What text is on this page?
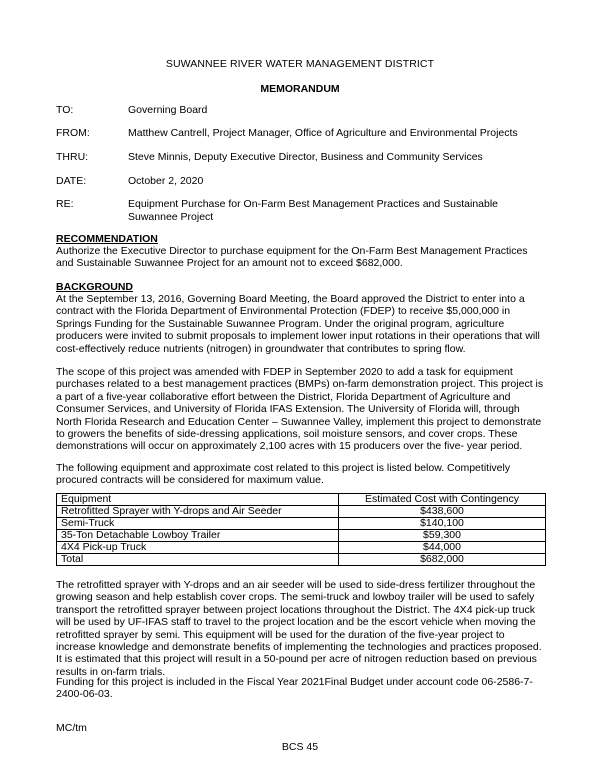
SUWANNEE RIVER WATER MANAGEMENT DISTRICT
MEMORANDUM
TO:	Governing Board
FROM:	Matthew Cantrell, Project Manager, Office of Agriculture and Environmental Projects
THRU:	Steve Minnis, Deputy Executive Director, Business and Community Services
DATE:	October 2, 2020
RE:	Equipment Purchase for On-Farm Best Management Practices and Sustainable Suwannee Project
RECOMMENDATION
Authorize the Executive Director to purchase equipment for the On-Farm Best Management Practices and Sustainable Suwannee Project for an amount not to exceed $682,000.
BACKGROUND
At the September 13, 2016, Governing Board Meeting, the Board approved the District to enter into a contract with the Florida Department of Environmental Protection (FDEP) to receive $5,000,000 in Springs Funding for the Sustainable Suwannee Program. Under the original program, agriculture producers were invited to submit proposals to implement lower input rotations in their operations that will cost-effectively reduce nutrients (nitrogen) in groundwater that contributes to spring flow.
The scope of this project was amended with FDEP in September 2020 to add a task for equipment purchases related to a best management practices (BMPs) on-farm demonstration project. This project is a part of a five-year collaborative effort between the District, Florida Department of Agriculture and Consumer Services, and University of Florida IFAS Extension. The University of Florida will, through North Florida Research and Education Center – Suwannee Valley, implement this project to demonstrate to growers the benefits of side-dressing applications, soil moisture sensors, and cover crops. These demonstrations will occur on approximately 2,100 acres with 15 producers over the five- year period.
The following equipment and approximate cost related to this project is listed below. Competitively procured contracts will be considered for maximum value.
Equipment	Estimated Cost with Contingency
Retrofitted Sprayer with Y-drops and Air Seeder	$438,600
Semi-Truck	$140,100
35-Ton Detachable Lowboy Trailer	$59,300
4X4 Pick-up Truck	$44,000
Total	$682,000
The retrofitted sprayer with Y-drops and an air seeder will be used to side-dress fertilizer throughout the growing season and help establish cover crops. The semi-truck and lowboy trailer will be used to safely transport the retrofitted sprayer between project locations throughout the District. The 4X4 pick-up truck will be used by UF-IFAS staff to travel to the project location and be the escort vehicle when moving the retrofitted sprayer by semi. This equipment will be used for the duration of the five-year project to increase knowledge and demonstrate benefits of implementing the technologies and practices proposed. It is estimated that this project will result in a 50-pound per acre of nitrogen reduction based on previous results in on-farm trials.
Funding for this project is included in the Fiscal Year 2021Final Budget under account code 06-2586-7-2400-06-03.
MC/tm
BCS 45
